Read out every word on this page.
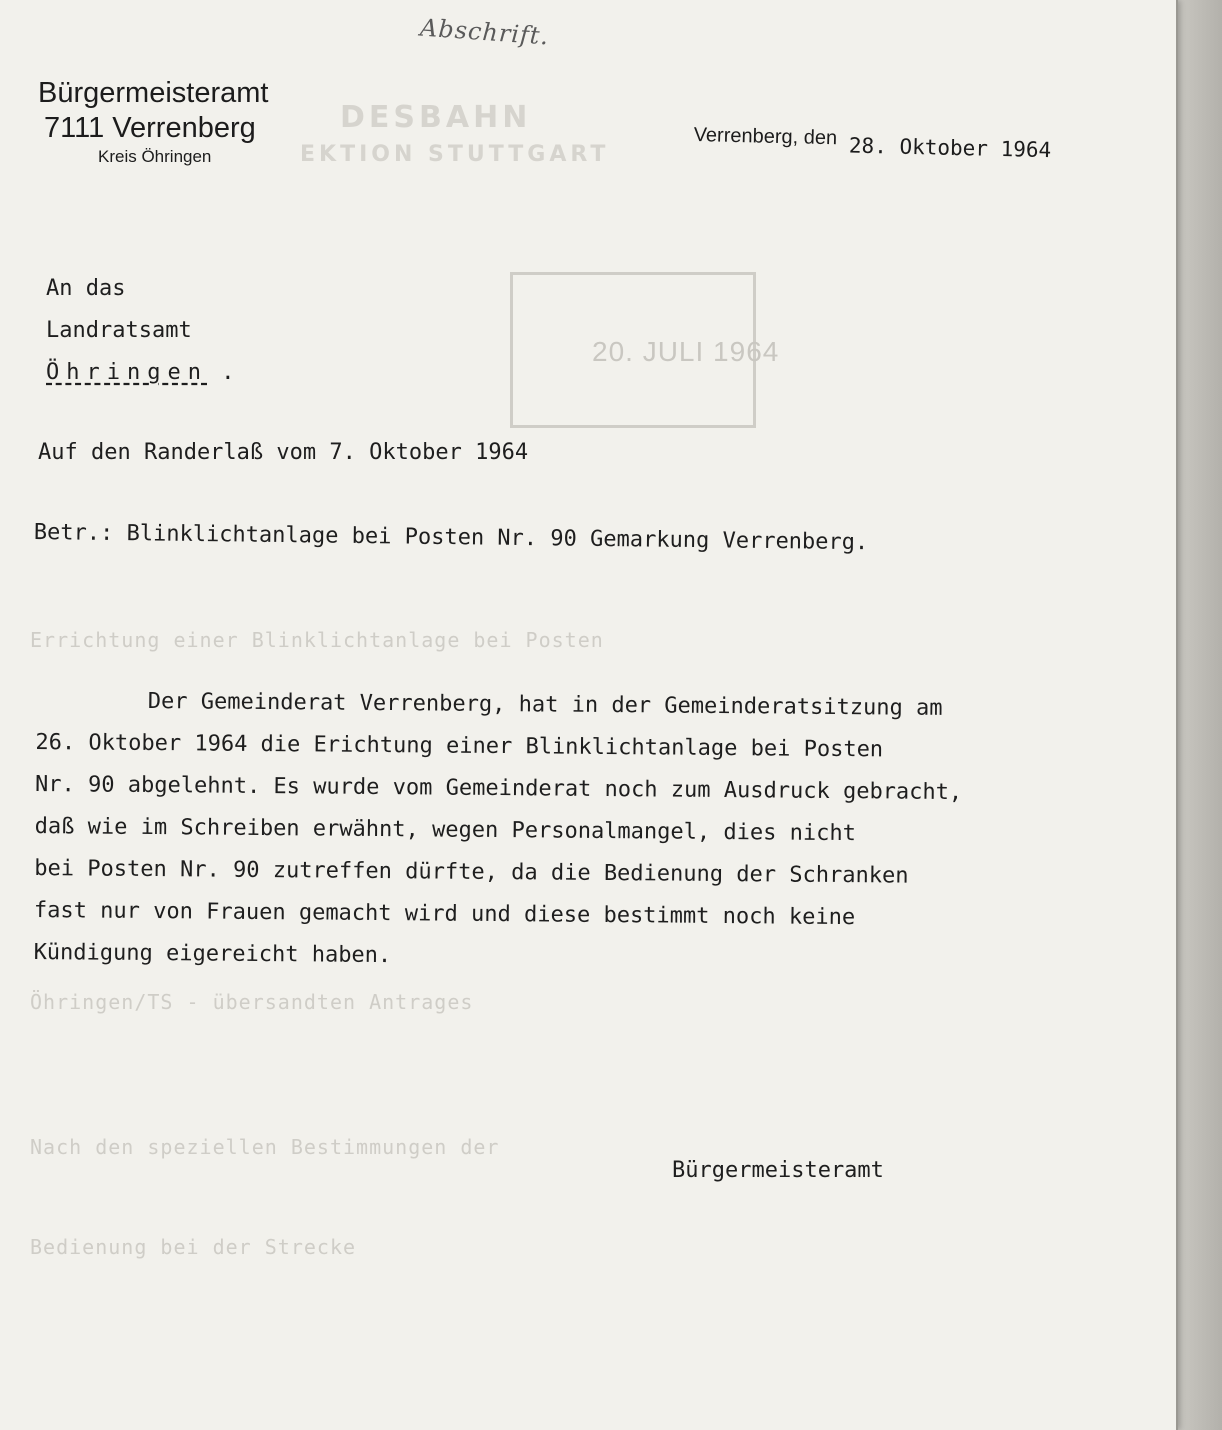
DESBAHN
EKTION STUTTGART
20. JULI 1964
Errichtung einer Blinklichtanlage bei Posten
Öhringen/TS - übersandten Antrages
Nach den speziellen Bestimmungen der
Bedienung bei der Strecke
Abschrift.
Bürgermeisteramt
7111 Verrenberg
Kreis Öhringen
Verrenberg, den 28. Oktober 1964
An das
Landratsamt
Öhringen .
Auf den Randerlaß vom 7. Oktober 1964
Betr.: Blinklichtanlage bei Posten Nr. 90 Gemarkung Verrenberg.
Der Gemeinderat Verrenberg, hat in der Gemeinderatsitzung am
26. Oktober 1964 die Erichtung einer Blinklichtanlage bei Posten
Nr. 90 abgelehnt. Es wurde vom Gemeinderat noch zum Ausdruck gebracht,
daß wie im Schreiben erwähnt, wegen Personalmangel, dies nicht
bei Posten Nr. 90 zutreffen dürfte, da die Bedienung der Schranken
fast nur von Frauen gemacht wird und diese bestimmt noch keine
Kündigung eigereicht haben.
Bürgermeisteramt
